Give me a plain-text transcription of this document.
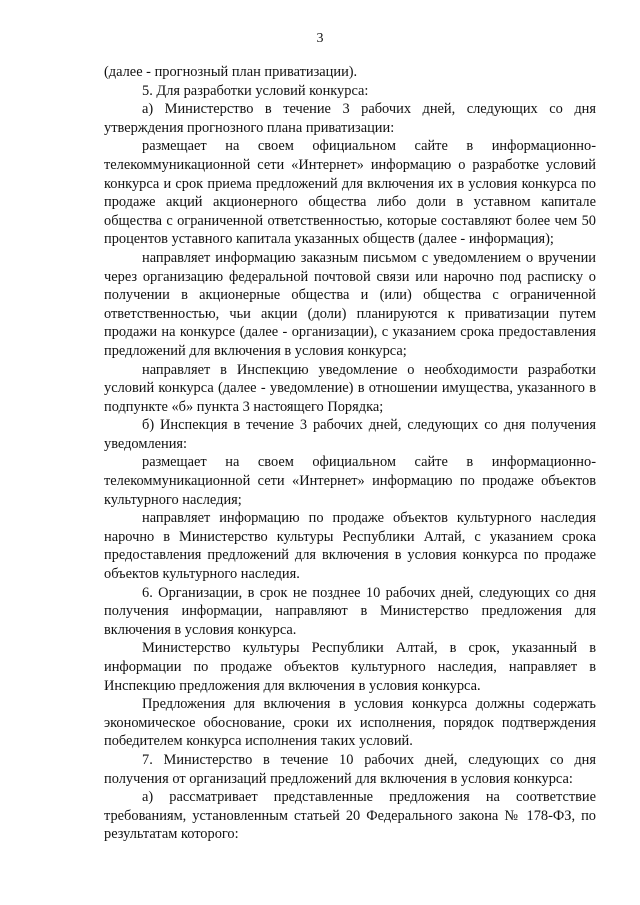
3

(далее - прогнозный план приватизации).

5. Для разработки условий конкурса:

а) Министерство в течение 3 рабочих дней, следующих со дня утверждения прогнозного плана приватизации:

размещает на своем официальном сайте в информационно-телекоммуникационной сети «Интернет» информацию о разработке условий конкурса и срок приема предложений для включения их в условия конкурса по продаже акций акционерного общества либо доли в уставном капитале общества с ограниченной ответственностью, которые составляют более чем 50 процентов уставного капитала указанных обществ (далее - информация);

направляет информацию заказным письмом с уведомлением о вручении через организацию федеральной почтовой связи или нарочно под расписку о получении в акционерные общества и (или) общества с ограниченной ответственностью, чьи акции (доли) планируются к приватизации путем продажи на конкурсе (далее - организации), с указанием срока предоставления предложений для включения в условия конкурса;

направляет в Инспекцию уведомление о необходимости разработки условий конкурса (далее - уведомление) в отношении имущества, указанного в подпункте «б» пункта 3 настоящего Порядка;

б) Инспекция в течение 3 рабочих дней, следующих со дня получения уведомления:

размещает на своем официальном сайте в информационно-телекоммуникационной сети «Интернет» информацию по продаже объектов культурного наследия;

направляет информацию по продаже объектов культурного наследия нарочно в Министерство культуры Республики Алтай, с указанием срока предоставления предложений для включения в условия конкурса по продаже объектов культурного наследия.

6. Организации, в срок не позднее 10 рабочих дней, следующих со дня получения информации, направляют в Министерство предложения для включения в условия конкурса.

Министерство культуры Республики Алтай, в срок, указанный в информации по продаже объектов культурного наследия, направляет в Инспекцию предложения для включения в условия конкурса.

Предложения для включения в условия конкурса должны содержать экономическое обоснование, сроки их исполнения, порядок подтверждения победителем конкурса исполнения таких условий.

7. Министерство в течение 10 рабочих дней, следующих со дня получения от организаций предложений для включения в условия конкурса:

а) рассматривает представленные предложения на соответствие требованиям, установленным статьей 20 Федерального закона № 178-ФЗ, по результатам которого:
